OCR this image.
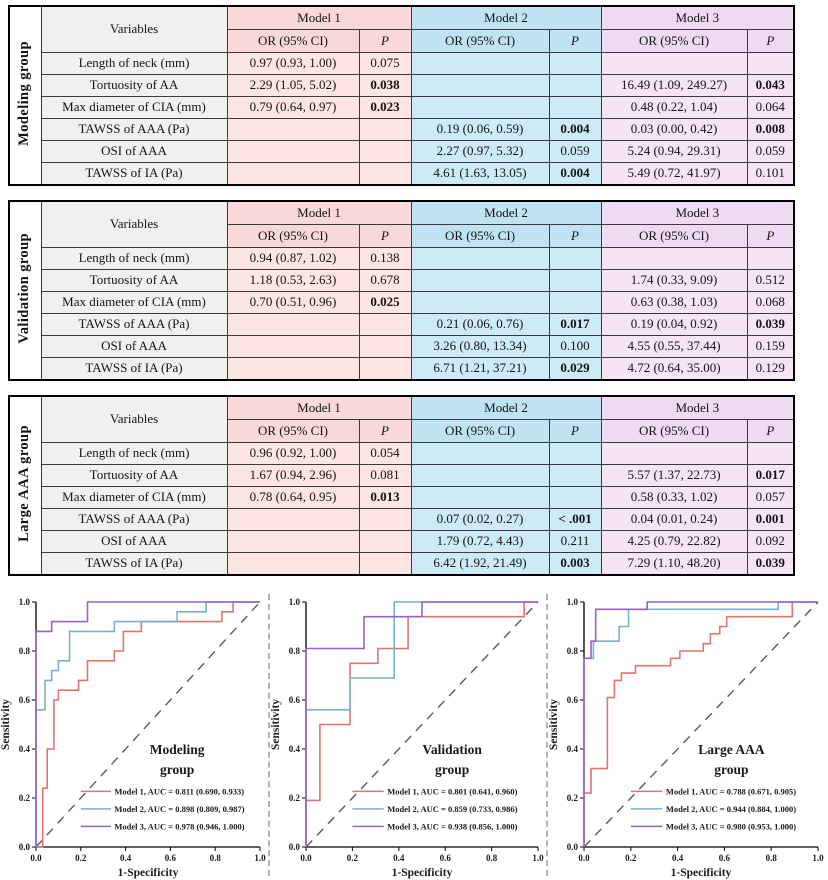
Modeling group	Variables	Model 1		Model 2		Model 3	
		OR (95% CI)	P	OR (95% CI)	P	OR (95% CI)	P
	Length of neck (mm)	0.97 (0.93, 1.00)	0.075				
	Tortuosity of AA	2.29 (1.05, 5.02)	0.038			16.49 (1.09, 249.27)	0.043
	Max diameter of CIA (mm)	0.79 (0.64, 0.97)	0.023			0.48 (0.22, 1.04)	0.064
	TAWSS of AAA (Pa)			0.19 (0.06, 0.59)	0.004	0.03 (0.00, 0.42)	0.008
	OSI of AAA			2.27 (0.97, 5.32)	0.059	5.24 (0.94, 29.31)	0.059
	TAWSS of IA (Pa)			4.61 (1.63, 13.05)	0.004	5.49 (0.72, 41.97)	0.101
Validation group	Variables	Model 1		Model 2		Model 3	
		OR (95% CI)	P	OR (95% CI)	P	OR (95% CI)	P
	Length of neck (mm)	0.94 (0.87, 1.02)	0.138				
	Tortuosity of AA	1.18 (0.53, 2.63)	0.678			1.74 (0.33, 9.09)	0.512
	Max diameter of CIA (mm)	0.70 (0.51, 0.96)	0.025			0.63 (0.38, 1.03)	0.068
	TAWSS of AAA (Pa)			0.21 (0.06, 0.76)	0.017	0.19 (0.04, 0.92)	0.039
	OSI of AAA			3.26 (0.80, 13.34)	0.100	4.55 (0.55, 37.44)	0.159
	TAWSS of IA (Pa)			6.71 (1.21, 37.21)	0.029	4.72 (0.64, 35.00)	0.129
Large AAA group	Variables	Model 1		Model 2		Model 3	
		OR (95% CI)	P	OR (95% CI)	P	OR (95% CI)	P
	Length of neck (mm)	0.96 (0.92, 1.00)	0.054				
	Tortuosity of AA	1.67 (0.94, 2.96)	0.081			5.57 (1.37, 22.73)	0.017
	Max diameter of CIA (mm)	0.78 (0.64, 0.95)	0.013			0.58 (0.33, 1.02)	0.057
	TAWSS of AAA (Pa)			0.07 (0.02, 0.27)	< .001	0.04 (0.01, 0.24)	0.001
	OSI of AAA			1.79 (0.72, 4.43)	0.211	4.25 (0.79, 22.82)	0.092
	TAWSS of IA (Pa)			6.42 (1.92, 21.49)	0.003	7.29 (1.10, 48.20)	0.039
0.0
0.0
0.2
0.2
0.4
0.4
0.6
0.6
0.8
0.8
1.0
1.0
1-Specificity
Sensitivity	Modeling
group
Model 1, AUC = 0.811 (0.690, 0.933)
Model 2, AUC = 0.898 (0.809, 0.987)
Model 3, AUC = 0.978 (0.946, 1.000)
0.0
0.0
0.2
0.2
0.4
0.4
0.6
0.6
0.8
0.8
1.0
1.0
1-Specificity
Sensitivity	Validation
group
Model 1, AUC = 0.801 (0.641, 0.960)
Model 2, AUC = 0.859 (0.733, 0.986)
Model 3, AUC = 0.938 (0.856, 1.000)
0.0
0.0
0.2
0.2
0.4
0.4
0.6
0.6
0.8
0.8
1.0
1.0
1-Specificity
Sensitivity	Large AAA
group
Model 1, AUC = 0.788 (0.671, 0.905)
Model 2, AUC = 0.944 (0.884, 1.000)
Model 3, AUC = 0.980 (0.953, 1.000)
